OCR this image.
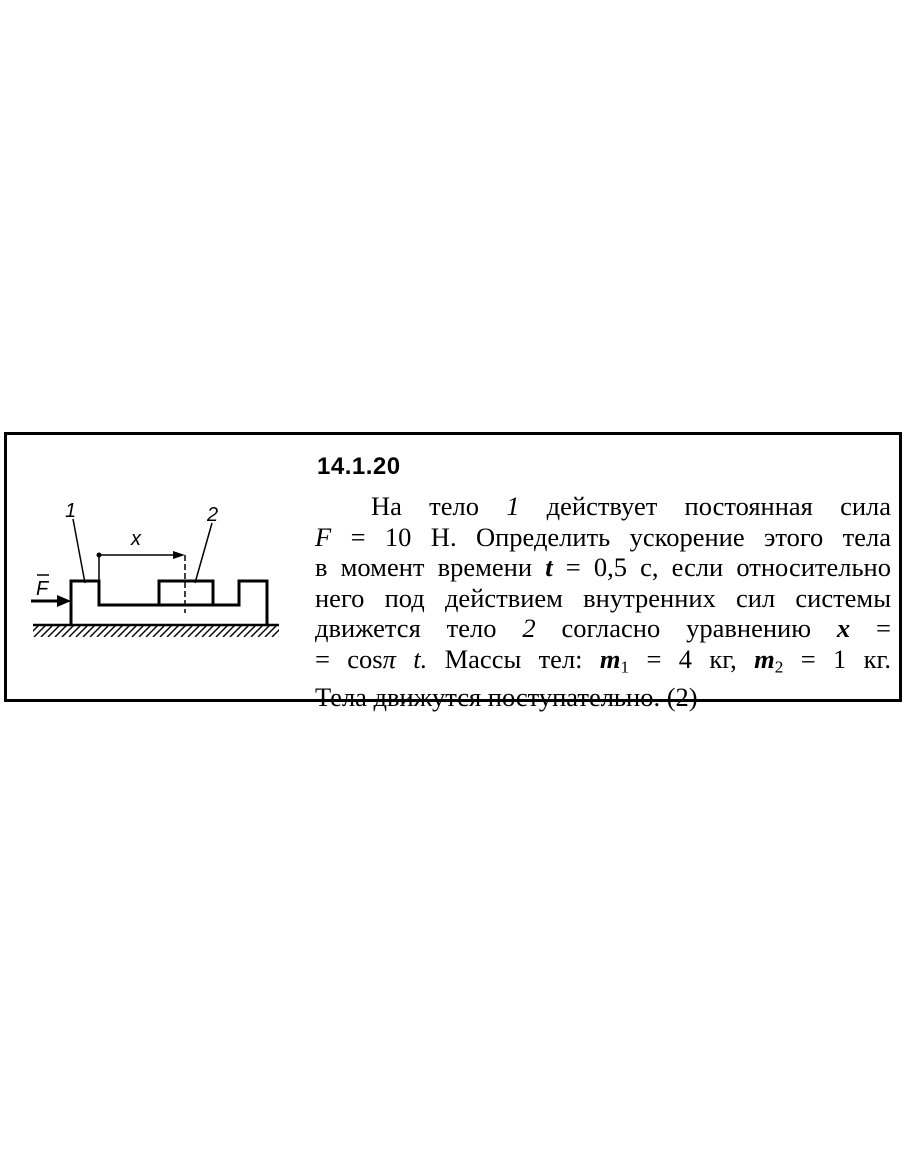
x
1	2
F
14.1.20

На тело 1 действует постоянная сила
F = 10 Н. Определить ускорение этого тела
в момент времени t = 0,5 с, если относительно
него под действием внутренних сил системы
движется тело 2 согласно уравнению x =
= cosπ t. Массы тел: $m_1 = 4$ кг, $m_2 = 1$ кг.
Тела движутся поступательно. (2)
